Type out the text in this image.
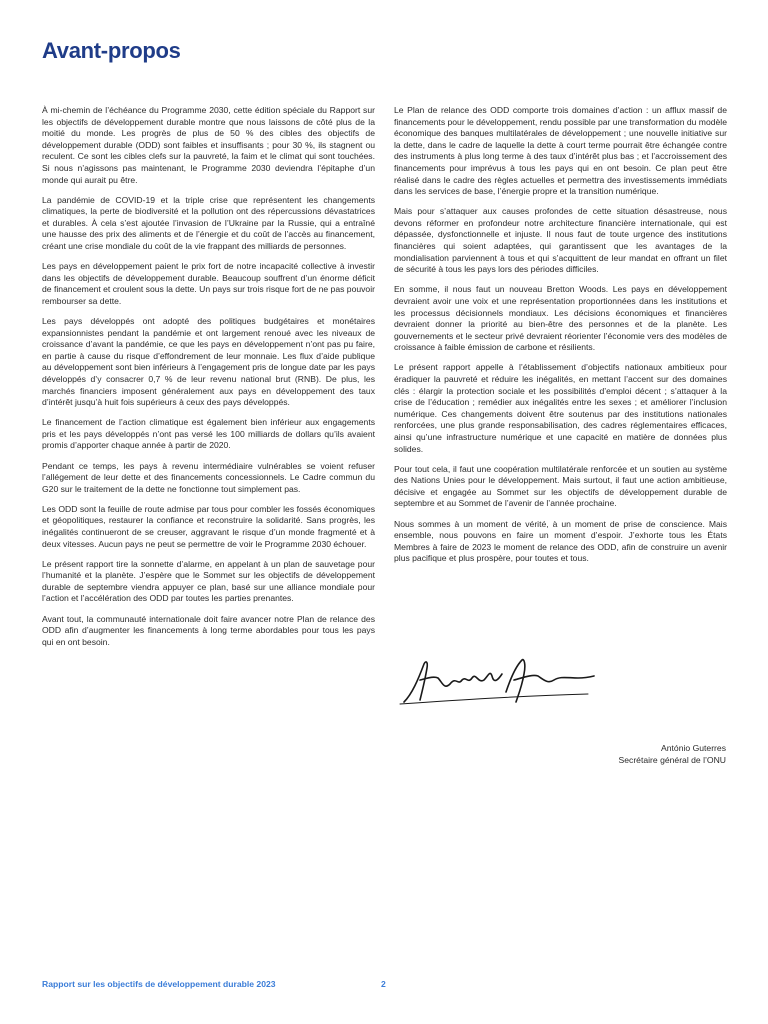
Avant-propos

À mi-chemin de l’échéance du Programme 2030, cette édition spéciale du Rapport sur les objectifs de développement durable montre que nous laissons de côté plus de la moitié du monde. Les progrès de plus de 50 % des cibles des objectifs de développement durable (ODD) sont faibles et insuffisants ; pour 30 %, ils stagnent ou reculent. Ce sont les cibles clefs sur la pauvreté, la faim et le climat qui sont touchées. Si nous n’agissons pas maintenant, le Programme 2030 deviendra l’épitaphe d’un monde qui aurait pu être.

La pandémie de COVID-19 et la triple crise que représentent les changements climatiques, la perte de biodiversité et la pollution ont des répercussions dévastatrices et durables. À cela s’est ajoutée l’invasion de l’Ukraine par la Russie, qui a entraîné une hausse des prix des aliments et de l’énergie et du coût de l’accès au financement, créant une crise mondiale du coût de la vie frappant des milliards de personnes.

Les pays en développement paient le prix fort de notre incapacité collective à investir dans les objectifs de développement durable. Beaucoup souffrent d’un énorme déficit de financement et croulent sous la dette. Un pays sur trois risque fort de ne pas pouvoir rembourser sa dette.

Les pays développés ont adopté des politiques budgétaires et monétaires expansionnistes pendant la pandémie et ont largement renoué avec les niveaux de croissance d’avant la pandémie, ce que les pays en développement n’ont pas pu faire, en partie à cause du risque d’effondrement de leur monnaie. Les flux d’aide publique au développement sont bien inférieurs à l’engagement pris de longue date par les pays développés d’y consacrer 0,7 % de leur revenu national brut (RNB). De plus, les marchés financiers imposent généralement aux pays en développement des taux d’intérêt jusqu’à huit fois supérieurs à ceux des pays développés.

Le financement de l’action climatique est également bien inférieur aux engagements pris et les pays développés n’ont pas versé les 100 milliards de dollars qu’ils avaient promis d’apporter chaque année à partir de 2020.

Pendant ce temps, les pays à revenu intermédiaire vulnérables se voient refuser l’allégement de leur dette et des financements concessionnels. Le Cadre commun du G20 sur le traitement de la dette ne fonctionne tout simplement pas.

Les ODD sont la feuille de route admise par tous pour combler les fossés économiques et géopolitiques, restaurer la confiance et reconstruire la solidarité. Sans progrès, les inégalités continueront de se creuser, aggravant le risque d’un monde fragmenté et à deux vitesses. Aucun pays ne peut se permettre de voir le Programme 2030 échouer.

Le présent rapport tire la sonnette d’alarme, en appelant à un plan de sauvetage pour l’humanité et la planète. J’espère que le Sommet sur les objectifs de développement durable de septembre viendra appuyer ce plan, basé sur une alliance mondiale pour l’action et l’accélération des ODD par toutes les parties prenantes.

Avant tout, la communauté internationale doit faire avancer notre Plan de relance des ODD afin d’augmenter les financements à long terme abordables pour tous les pays qui en ont besoin.

Le Plan de relance des ODD comporte trois domaines d’action : un afflux massif de financements pour le développement, rendu possible par une transformation du modèle économique des banques multilatérales de développement ; une nouvelle initiative sur la dette, dans le cadre de laquelle la dette à court terme pourrait être échangée contre des instruments à plus long terme à des taux d’intérêt plus bas ; et l’accroissement des financements pour imprévus à tous les pays qui en ont besoin. Ce plan peut être réalisé dans le cadre des règles actuelles et permettra des investissements immédiats dans les services de base, l’énergie propre et la transition numérique.

Mais pour s’attaquer aux causes profondes de cette situation désastreuse, nous devons réformer en profondeur notre architecture financière internationale, qui est dépassée, dysfonctionnelle et injuste. Il nous faut de toute urgence des institutions financières qui soient adaptées, qui garantissent que les avantages de la mondialisation parviennent à tous et qui s’acquittent de leur mandat en offrant un filet de sécurité à tous les pays lors des périodes difficiles.

En somme, il nous faut un nouveau Bretton Woods. Les pays en développement devraient avoir une voix et une représentation proportionnées dans les institutions et les processus décisionnels mondiaux. Les décisions économiques et financières devraient donner la priorité au bien-être des personnes et de la planète. Les gouvernements et le secteur privé devraient réorienter l’économie vers des modèles de croissance à faible émission de carbone et résilients.

Le présent rapport appelle à l’établissement d’objectifs nationaux ambitieux pour éradiquer la pauvreté et réduire les inégalités, en mettant l’accent sur des domaines clés : élargir la protection sociale et les possibilités d’emploi décent ; s’attaquer à la crise de l’éducation ; remédier aux inégalités entre les sexes ; et améliorer l’inclusion numérique. Ces changements doivent être soutenus par des institutions nationales renforcées, une plus grande responsabilisation, des cadres réglementaires efficaces, ainsi qu’une infrastructure numérique et une capacité en matière de données plus solides.

Pour tout cela, il faut une coopération multilatérale renforcée et un soutien au système des Nations Unies pour le développement. Mais surtout, il faut une action ambitieuse, décisive et engagée au Sommet sur les objectifs de développement durable de septembre et au Sommet de l’avenir de l’année prochaine.

Nous sommes à un moment de vérité, à un moment de prise de conscience. Mais ensemble, nous pouvons en faire un moment d’espoir. J’exhorte tous les États Membres à faire de 2023 le moment de relance des ODD, afin de construire un avenir plus pacifique et plus prospère, pour toutes et tous.

António Guterres
Secrétaire général de l’ONU
Rapport sur les objectifs de développement durable 2023	2
